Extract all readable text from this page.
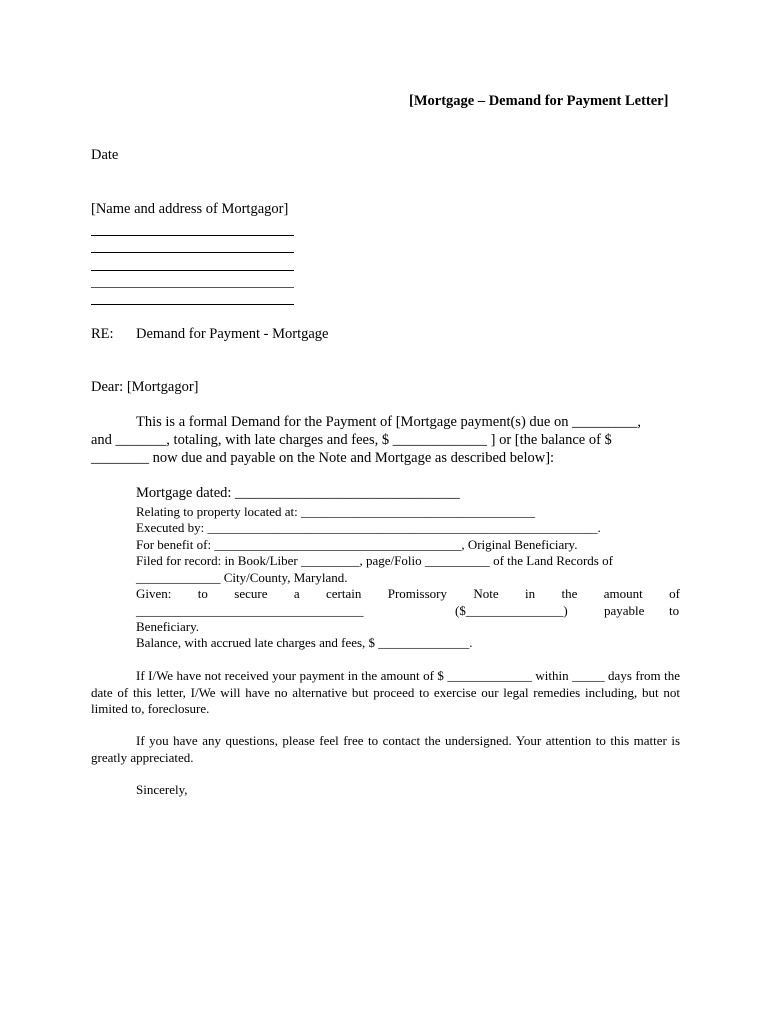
[Mortgage – Demand for Payment Letter]
Date
[Name and address of Mortgagor]
RE: Demand for Payment - Mortgage
Dear: [Mortgagor]
This is a formal Demand for the Payment of [Mortgage payment(s) due on _________,
and _______, totaling, with late charges and fees, $ _____________ ] or [the balance of $
________ now due and payable on the Note and Mortgage as described below]:
Mortgage dated: _______________________________
Relating to property located at: ____________________________________
Executed by: ____________________________________________________________.
For benefit of: ______________________________________, Original Beneficiary.
Filed for record: in Book/Liber _________, page/Folio __________ of the Land Records of
_____________ City/County, Maryland.
Given: to secure a certain Promissory Note in the amount of
___________________________________	($_______________)	payable to
Beneficiary.
Balance, with accrued late charges and fees, $ ______________.
If I/We have not received your payment in the amount of $ _____________ within _____ days from the date of this letter, I/We will have no alternative but proceed to exercise our legal remedies including, but not limited to, foreclosure.
If you have any questions, please feel free to contact the undersigned. Your attention to this matter is greatly appreciated.
Sincerely,
